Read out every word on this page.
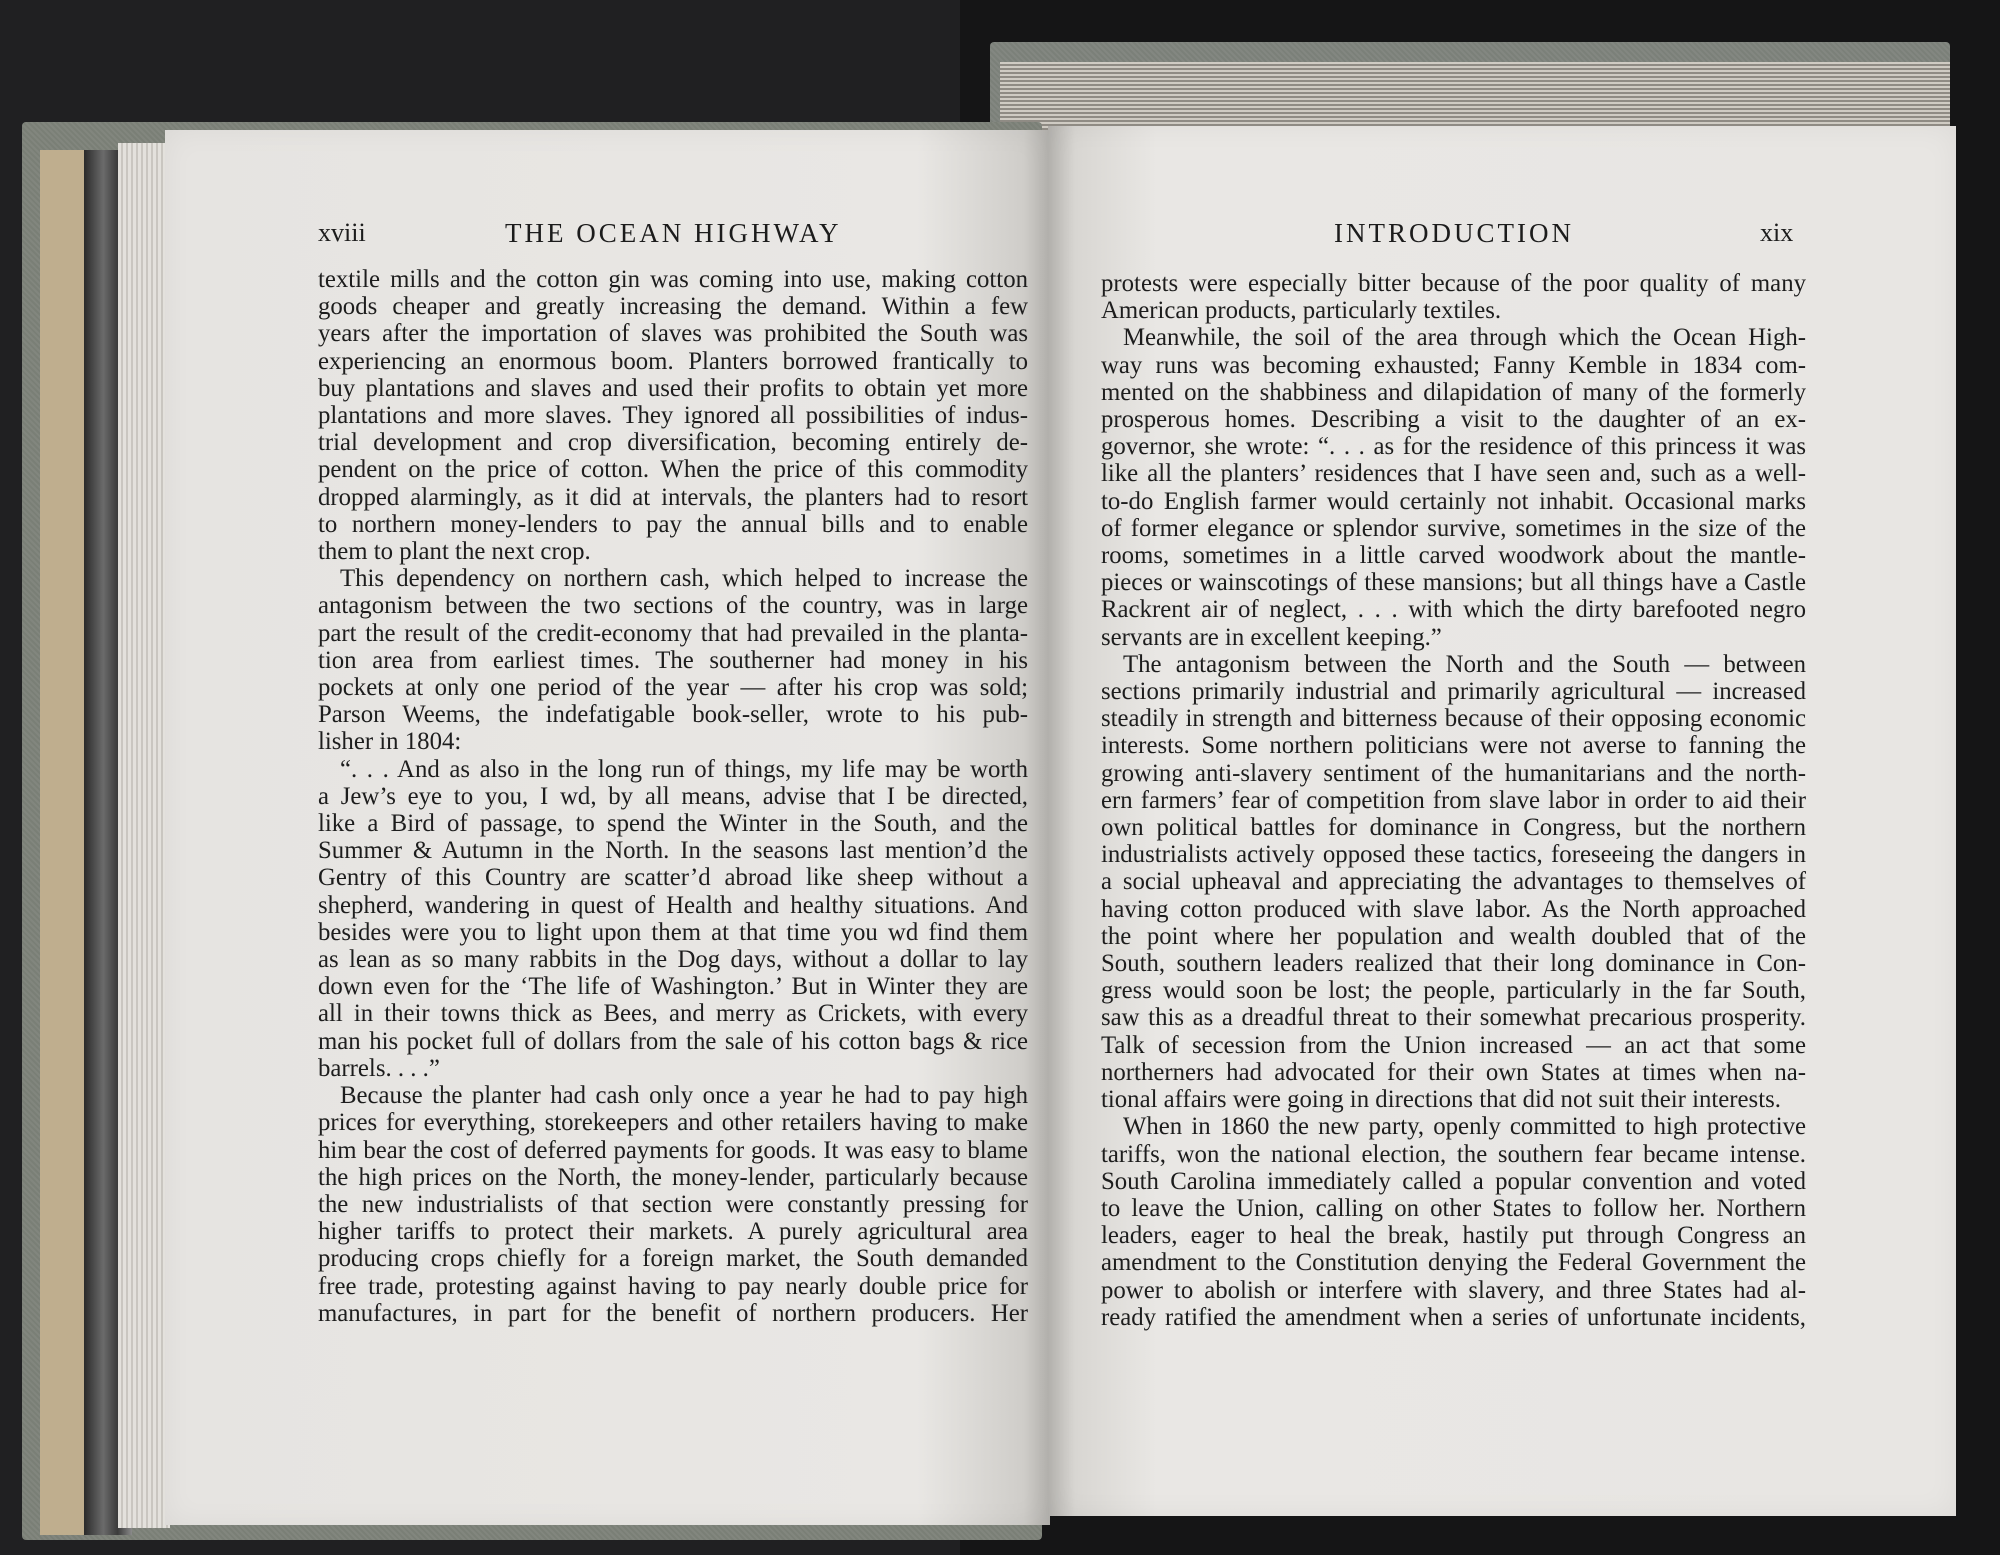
xviii	THE OCEAN HIGHWAY	INTRODUCTION	xix

textile mills and the cotton gin was coming into use, making cotton

goods cheaper and greatly increasing the demand. Within a few

years after the importation of slaves was prohibited the South was

experiencing an enormous boom. Planters borrowed frantically to

buy plantations and slaves and used their profits to obtain yet more

plantations and more slaves. They ignored all possibilities of indus-

trial development and crop diversification, becoming entirely de-

pendent on the price of cotton. When the price of this commodity

dropped alarmingly, as it did at intervals, the planters had to resort

to northern money-lenders to pay the annual bills and to enable

them to plant the next crop.

This dependency on northern cash, which helped to increase the

antagonism between the two sections of the country, was in large

part the result of the credit-economy that had prevailed in the planta-

tion area from earliest times. The southerner had money in his

pockets at only one period of the year — after his crop was sold;

Parson Weems, the indefatigable book-seller, wrote to his pub-

lisher in 1804:

“. . . And as also in the long run of things, my life may be worth

a Jew’s eye to you, I wd, by all means, advise that I be directed,

like a Bird of passage, to spend the Winter in the South, and the

Summer & Autumn in the North. In the seasons last mention’d the

Gentry of this Country are scatter’d abroad like sheep without a

shepherd, wandering in quest of Health and healthy situations. And

besides were you to light upon them at that time you wd find them

as lean as so many rabbits in the Dog days, without a dollar to lay

down even for the ‘The life of Washington.’ But in Winter they are

all in their towns thick as Bees, and merry as Crickets, with every

man his pocket full of dollars from the sale of his cotton bags & rice

barrels. . . .”

Because the planter had cash only once a year he had to pay high

prices for everything, storekeepers and other retailers having to make

him bear the cost of deferred payments for goods. It was easy to blame

the high prices on the North, the money-lender, particularly because

the new industrialists of that section were constantly pressing for

higher tariffs to protect their markets. A purely agricultural area

producing crops chiefly for a foreign market, the South demanded

free trade, protesting against having to pay nearly double price for

manufactures, in part for the benefit of northern producers. Her

protests were especially bitter because of the poor quality of many

American products, particularly textiles.

Meanwhile, the soil of the area through which the Ocean High-

way runs was becoming exhausted; Fanny Kemble in 1834 com-

mented on the shabbiness and dilapidation of many of the formerly

prosperous homes. Describing a visit to the daughter of an ex-

governor, she wrote: “. . . as for the residence of this princess it was

like all the planters’ residences that I have seen and, such as a well-

to-do English farmer would certainly not inhabit. Occasional marks

of former elegance or splendor survive, sometimes in the size of the

rooms, sometimes in a little carved woodwork about the mantle-

pieces or wainscotings of these mansions; but all things have a Castle

Rackrent air of neglect, . . . with which the dirty barefooted negro

servants are in excellent keeping.”

The antagonism between the North and the South — between

sections primarily industrial and primarily agricultural — increased

steadily in strength and bitterness because of their opposing economic

interests. Some northern politicians were not averse to fanning the

growing anti-slavery sentiment of the humanitarians and the north-

ern farmers’ fear of competition from slave labor in order to aid their

own political battles for dominance in Congress, but the northern

industrialists actively opposed these tactics, foreseeing the dangers in

a social upheaval and appreciating the advantages to themselves of

having cotton produced with slave labor. As the North approached

the point where her population and wealth doubled that of the

South, southern leaders realized that their long dominance in Con-

gress would soon be lost; the people, particularly in the far South,

saw this as a dreadful threat to their somewhat precarious prosperity.

Talk of secession from the Union increased — an act that some

northerners had advocated for their own States at times when na-

tional affairs were going in directions that did not suit their interests.

When in 1860 the new party, openly committed to high protective

tariffs, won the national election, the southern fear became intense.

South Carolina immediately called a popular convention and voted

to leave the Union, calling on other States to follow her. Northern

leaders, eager to heal the break, hastily put through Congress an

amendment to the Constitution denying the Federal Government the

power to abolish or interfere with slavery, and three States had al-

ready ratified the amendment when a series of unfortunate incidents,
